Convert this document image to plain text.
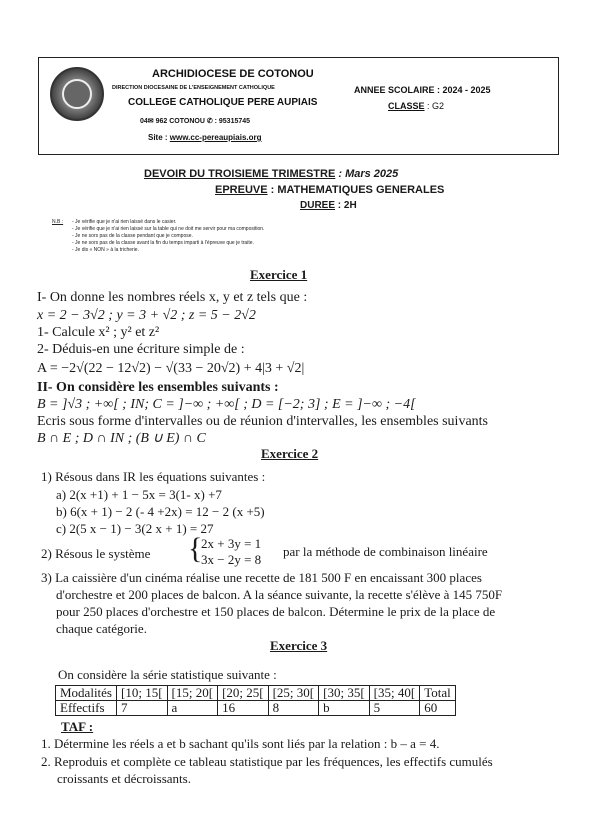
ARCHIDIOCESE DE COTONOU
DIRECTION DIOCESAINE DE L'ENSEIGNEMENT CATHOLIQUE
COLLEGE CATHOLIQUE PERE AUPIAIS
04✉ 962 COTONOU ✆ : 95315745
Site : www.cc-pereaupiais.org
ANNEE SCOLAIRE : 2024 - 2025
CLASSE : G2
DEVOIR DU TROISIEME TRIMESTRE : Mars 2025
EPREUVE : MATHEMATIQUES GENERALES
DUREE : 2H
N.B : - Je vérifie que je n'ai rien laissé dans le casier.
- Je vérifie que je n'ai rien laissé sur la table qui ne doit me servir pour ma composition.
- Je ne sors pas de la classe pendant que je compose.
- Je ne sors pas de la classe avant la fin du temps imparti à l'épreuve que je traite.
- Je dis « NON » à la tricherie.
Exercice 1
I- On donne les nombres réels x, y et z tels que :
x = 2 − 3√2 ; y = 3 + √2 ; z = 5 − 2√2
1- Calcule x² ; y² et z²
2- Déduis-en une écriture simple de :
A = −2√(22 − 12√2) − √(33 − 20√2) + 4|3 + √2|
II- On considère les ensembles suivants :
B = ]√3 ; +∞[ ; IN; C = ]−∞ ; +∞[ ; D = [−2; 3] ; E = ]−∞ ; −4[
Ecris sous forme d'intervalles ou de réunion d'intervalles, les ensembles suivants
B ∩ E ; D ∩ IN ; (B ∪ E) ∩ C
Exercice 2
1) Résous dans IR les équations suivantes :
a) 2(x +1) + 1 − 5x = 3(1- x) +7
b) 6(x + 1) − 2 (- 4 +2x) = 12 − 2 (x +5)
c) 2(5 x − 1) − 3(2 x + 1) = 27
2) Résous le système {
2x + 3y = 1
3x − 2y = 8
par la méthode de combinaison linéaire
3) La caissière d'un cinéma réalise une recette de 181 500 F en encaissant 300 places
d'orchestre et 200 places de balcon. A la séance suivante, la recette s'élève à 145 750F
pour 250 places d'orchestre et 150 places de balcon. Détermine le prix de la place de
chaque catégorie.
Exercice 3
On considère la série statistique suivante :
Modalités	[10; 15[	[15; 20[	[20; 25[	[25; 30[	[30; 35[	[35; 40[	Total
Effectifs	7	a	16	8	b	5	60
TAF :
1. Détermine les réels a et b sachant qu'ils sont liés par la relation : b – a = 4.
2. Reproduis et complète ce tableau statistique par les fréquences, les effectifs cumulés
croissants et décroissants.
